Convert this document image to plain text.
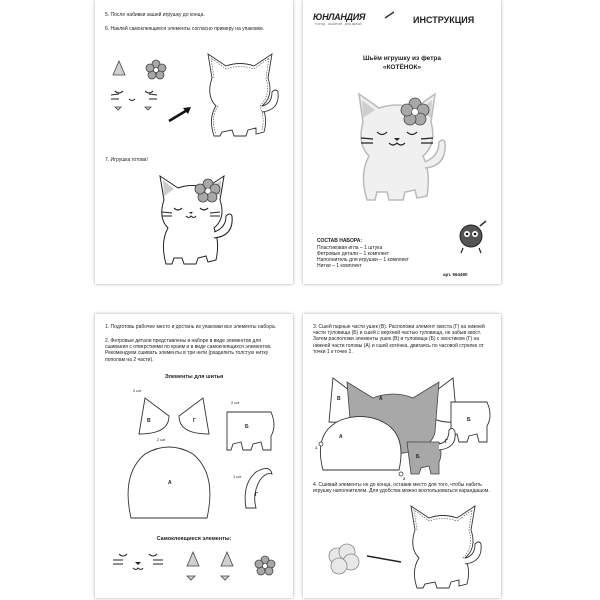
5. После набивки зашей игрушку до конца.
6. Наклей самоклеящиеся элементы согласно примеру на упаковке.
7. Игрушка готова!
ЮНЛАНДИЯ
ГОРОД · ЗАНЯТИЙ · ДЛЯ ДЕТЕЙ	ИНСТРУКЦИЯ
Шьём игрушку из фетра
«КОТЁНОК»
СОСТАВ НАБОРА:
Пластиковая игла – 1 штука
Фетровые детали – 1 комплект
Наполнитель для игрушки – 1 комплект
Нитки – 1 комплект
арт. 664490
1. Подготовь рабочее место и достань из упаковки все элементы набора.
2. Фетровые детали представлены в наборе в виде элементов для сшивания с отверстиями по краям и в виде самоклеящихся элементов. Рекомендуем сшивать элементы в три нити (разделить толстую нитку пополам на 2 части).
Элементы для шитья
2 шт
2 шт
2 шт
1 шт
В	Г
Б
А
Г
Самоклеящиеся элементы:
3. Сшей парные части ушек (В). Расположи элемент хвоста (Г) на нижней части туловища (Б) и сшей с верхней частью туловища, не забыв хвост. Затем расположи элементы ушек (В) и туловища (Б) с хвостиком (Г) на нижней части головы (А) и сшей котёнка, двигаясь по часовой стрелке от точки 1 к точке 2.
А
Б
А
Б
В
Г
1
2
4. Сшивай элементы не до конца, оставив место для того, чтобы набить игрушку наполнителем. Для удобства можно воспользоваться карандашом.
